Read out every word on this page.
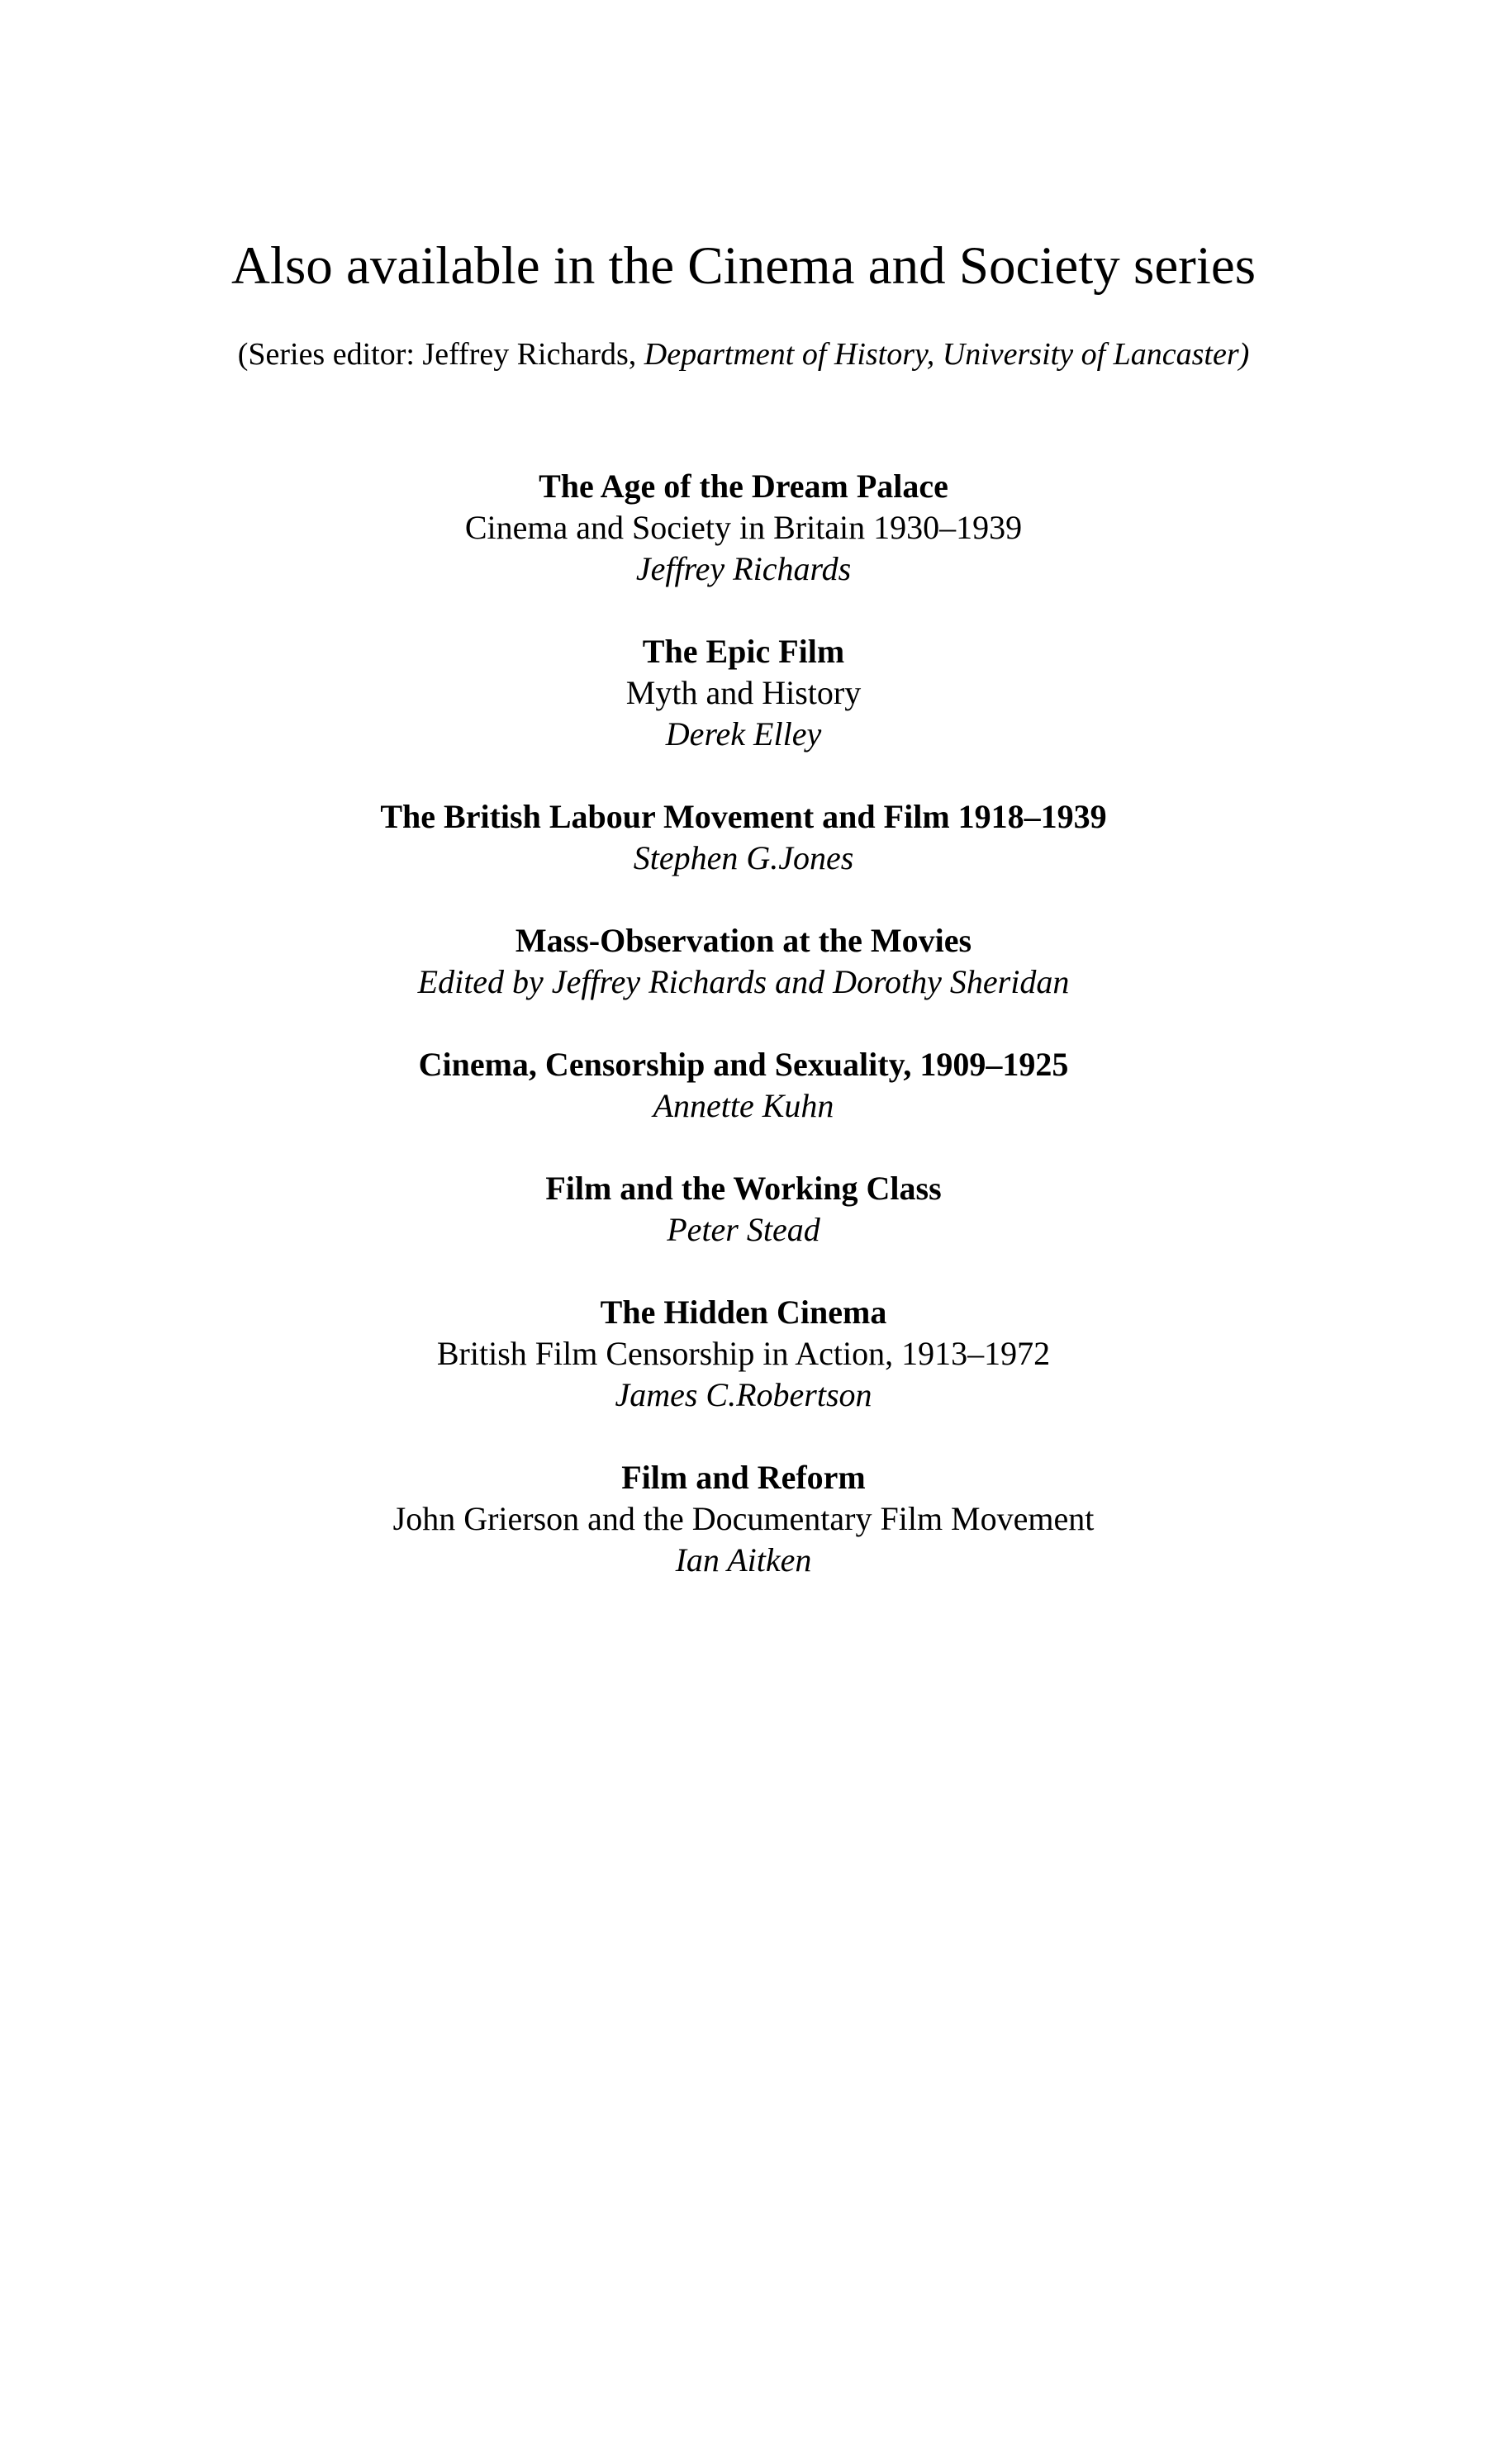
Also available in the Cinema and Society series
(Series editor: Jeffrey Richards, Department of History, University of Lancaster)
The Age of the Dream Palace
Cinema and Society in Britain 1930–1939
Jeffrey Richards
The Epic Film
Myth and History
Derek Elley
The British Labour Movement and Film 1918–1939
Stephen G.Jones
Mass-Observation at the Movies
Edited by Jeffrey Richards and Dorothy Sheridan
Cinema, Censorship and Sexuality, 1909–1925
Annette Kuhn
Film and the Working Class
Peter Stead
The Hidden Cinema
British Film Censorship in Action, 1913–1972
James C.Robertson
Film and Reform
John Grierson and the Documentary Film Movement
Ian Aitken
